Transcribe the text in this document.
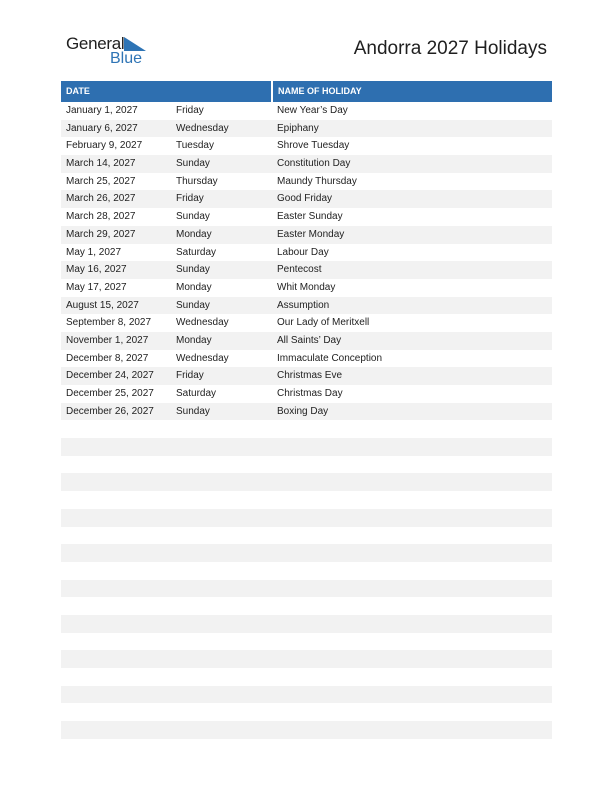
General
Blue	Andorra 2027 Holidays
DATE	NAME OF HOLIDAY
January 1, 2027	Friday	New Year’s Day
January 6, 2027	Wednesday	Epiphany
February 9, 2027	Tuesday	Shrove Tuesday
March 14, 2027	Sunday	Constitution Day
March 25, 2027	Thursday	Maundy Thursday
March 26, 2027	Friday	Good Friday
March 28, 2027	Sunday	Easter Sunday
March 29, 2027	Monday	Easter Monday
May 1, 2027	Saturday	Labour Day
May 16, 2027	Sunday	Pentecost
May 17, 2027	Monday	Whit Monday
August 15, 2027	Sunday	Assumption
September 8, 2027 Wednesday	Our Lady of Meritxell
November 1, 2027	Monday	All Saints’ Day
December 8, 2027	Wednesday	Immaculate Conception
December 24, 2027 Friday	Christmas Eve
December 25, 2027 Saturday	Christmas Day
December 26, 2027 Sunday	Boxing Day
